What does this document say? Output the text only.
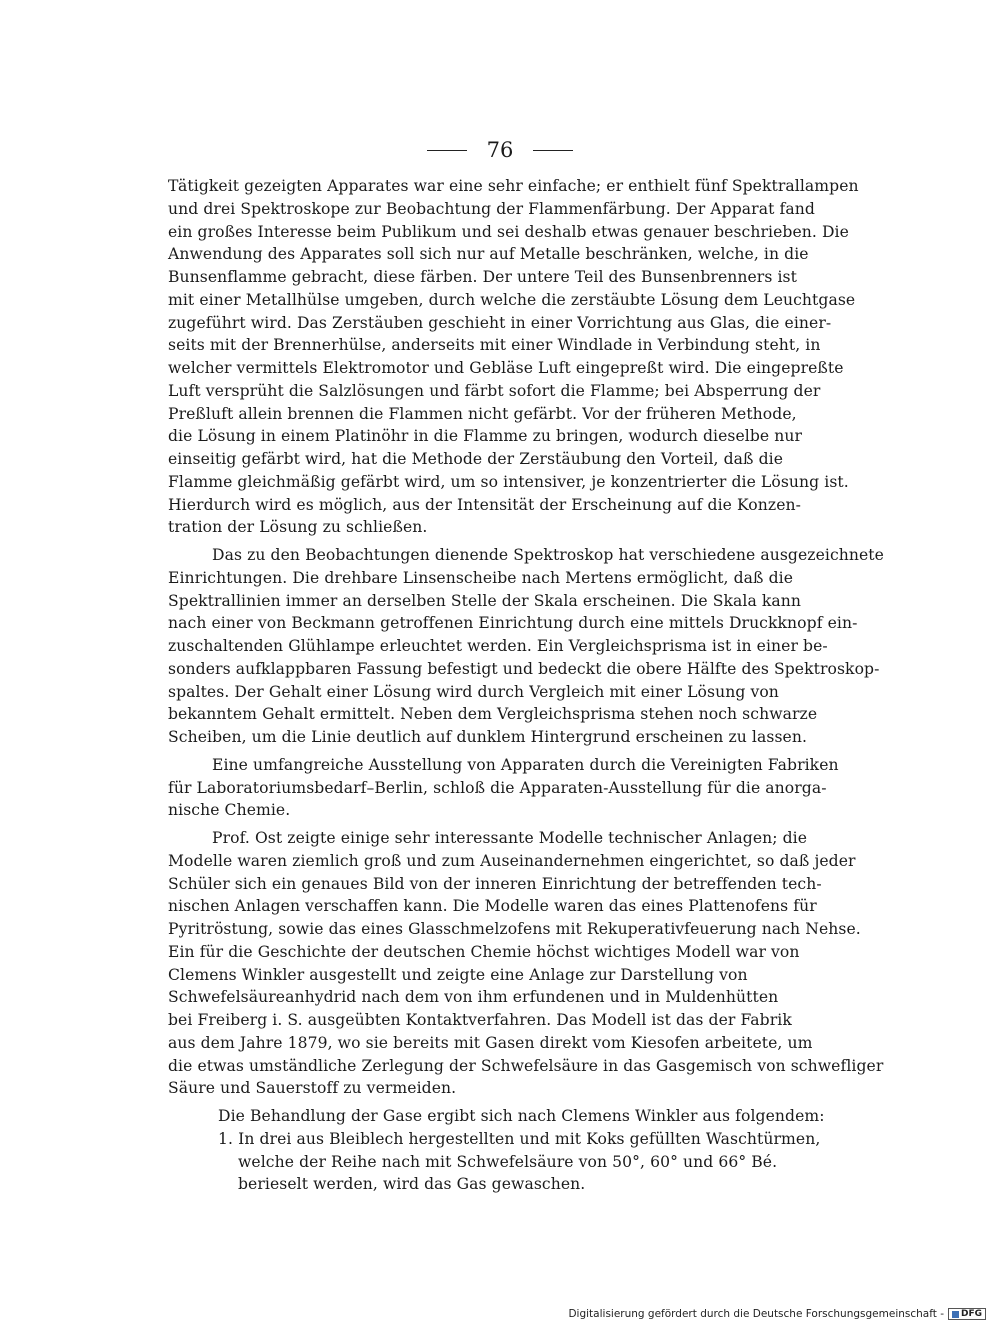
76
Tätigkeit gezeigten Apparates war eine sehr einfache; er enthielt fünf Spektrallampen
und drei Spektroskope zur Beobachtung der Flammenfärbung. Der Apparat fand
ein großes Interesse beim Publikum und sei deshalb etwas genauer beschrieben. Die
Anwendung des Apparates soll sich nur auf Metalle beschränken, welche, in die
Bunsenflamme gebracht, diese färben. Der untere Teil des Bunsenbrenners ist
mit einer Metallhülse umgeben, durch welche die zerstäubte Lösung dem Leuchtgase
zugeführt wird. Das Zerstäuben geschieht in einer Vorrichtung aus Glas, die einer-
seits mit der Brennerhülse, anderseits mit einer Windlade in Verbindung steht, in
welcher vermittels Elektromotor und Gebläse Luft eingepreßt wird. Die eingepreßte
Luft versprüht die Salzlösungen und färbt sofort die Flamme; bei Absperrung der
Preßluft allein brennen die Flammen nicht gefärbt. Vor der früheren Methode,
die Lösung in einem Platinöhr in die Flamme zu bringen, wodurch dieselbe nur
einseitig gefärbt wird, hat die Methode der Zerstäubung den Vorteil, daß die
Flamme gleichmäßig gefärbt wird, um so intensiver, je konzentrierter die Lösung ist.
Hierdurch wird es möglich, aus der Intensität der Erscheinung auf die Konzen-
tration der Lösung zu schließen.
Das zu den Beobachtungen dienende Spektroskop hat verschiedene ausgezeichnete
Einrichtungen. Die drehbare Linsenscheibe nach Mertens ermöglicht, daß die
Spektrallinien immer an derselben Stelle der Skala erscheinen. Die Skala kann
nach einer von Beckmann getroffenen Einrichtung durch eine mittels Druckknopf ein-
zuschaltenden Glühlampe erleuchtet werden. Ein Vergleichsprisma ist in einer be-
sonders aufklappbaren Fassung befestigt und bedeckt die obere Hälfte des Spektroskop-
spaltes. Der Gehalt einer Lösung wird durch Vergleich mit einer Lösung von
bekanntem Gehalt ermittelt. Neben dem Vergleichsprisma stehen noch schwarze
Scheiben, um die Linie deutlich auf dunklem Hintergrund erscheinen zu lassen.
Eine umfangreiche Ausstellung von Apparaten durch die Vereinigten Fabriken
für Laboratoriumsbedarf–Berlin, schloß die Apparaten-Ausstellung für die anorga-
nische Chemie.
Prof. Ost zeigte einige sehr interessante Modelle technischer Anlagen; die
Modelle waren ziemlich groß und zum Auseinandernehmen eingerichtet, so daß jeder
Schüler sich ein genaues Bild von der inneren Einrichtung der betreffenden tech-
nischen Anlagen verschaffen kann. Die Modelle waren das eines Plattenofens für
Pyritröstung, sowie das eines Glasschmelzofens mit Rekuperativfeuerung nach Nehse.
Ein für die Geschichte der deutschen Chemie höchst wichtiges Modell war von
Clemens Winkler ausgestellt und zeigte eine Anlage zur Darstellung von
Schwefelsäureanhydrid nach dem von ihm erfundenen und in Muldenhütten
bei Freiberg i. S. ausgeübten Kontaktverfahren. Das Modell ist das der Fabrik
aus dem Jahre 1879, wo sie bereits mit Gasen direkt vom Kiesofen arbeitete, um
die etwas umständliche Zerlegung der Schwefelsäure in das Gasgemisch von schwefliger
Säure und Sauerstoff zu vermeiden.
Die Behandlung der Gase ergibt sich nach Clemens Winkler aus folgendem:
1. In drei aus Bleiblech hergestellten und mit Koks gefüllten Waschtürmen,
welche der Reihe nach mit Schwefelsäure von 50°, 60° und 66° Bé.
berieselt werden, wird das Gas gewaschen.
Digitalisierung gefördert durch die Deutsche Forschungsgemeinschaft - DFG
